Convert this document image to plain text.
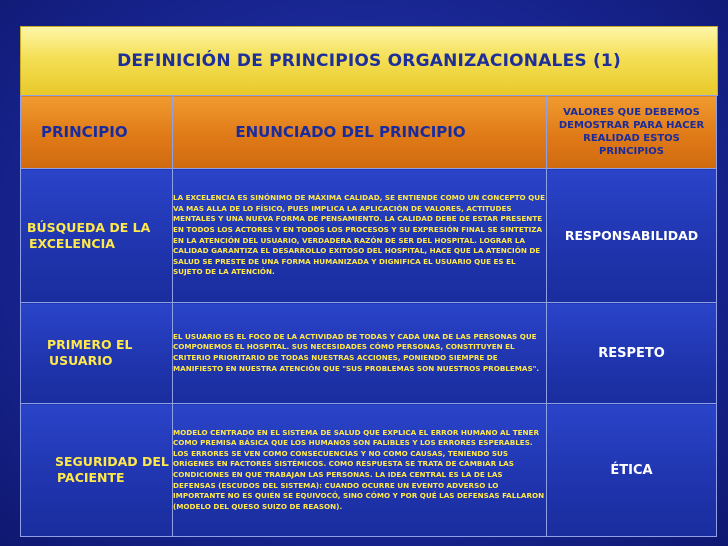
DEFINICIÓN DE PRINCIPIOS ORGANIZACIONALES (1)
PRINCIPIO	ENUNCIADO DEL PRINCIPIO	VALORES QUE DEBEMOS DEMOSTRAR PARA HACER REALIDAD ESTOS PRINCIPIOS

BÚSQUEDA DE LA EXCELENCIA	LA EXCELENCIA ES SINÓNIMO DE MÁXIMA CALIDAD, SE ENTIENDE COMO UN CONCEPTO QUE VA MAS ALLA DE LO FÍSICO, PUES IMPLICA LA APLICACIÓN DE VALORES, ACTITUDES MENTALES Y UNA NUEVA FORMA DE PENSAMIENTO. LA CALIDAD DEBE DE ESTAR PRESENTE EN TODOS LOS ACTORES Y EN TODOS LOS PROCESOS Y SU EXPRESIÓN FINAL SE SINTETIZA EN LA ATENCIÓN DEL USUARIO, VERDADERA RAZÓN DE SER DEL HOSPITAL. LOGRAR LA CALIDAD GARANTIZA EL DESARROLLO EXITOSO DEL HOSPITAL, HACE QUE LA ATENCIÓN DE SALUD SE PRESTE DE UNA FORMA HUMANIZADA Y DIGNIFICA EL USUARIO QUE ES EL SUJETO DE LA ATENCIÓN.	RESPONSABILIDAD

PRIMERO EL USUARIO	EL USUARIO ES EL FOCO DE LA ACTIVIDAD DE TODAS Y CADA UNA DE LAS PERSONAS QUE COMPONEMOS EL HOSPITAL. SUS NECESIDADES CÓMO PERSONAS, CONSTITUYEN EL CRITERIO PRIORITARIO DE TODAS NUESTRAS ACCIONES, PONIENDO SIEMPRE DE MANIFIESTO EN NUESTRA ATENCIÓN QUE "SUS PROBLEMAS SON NUESTROS PROBLEMAS".	RESPETO

SEGURIDAD DEL PACIENTE	MODELO CENTRADO EN EL SISTEMA DE SALUD QUE EXPLICA EL ERROR HUMANO AL TENER COMO PREMISA BÁSICA QUE LOS HUMANOS SON FALIBLES Y LOS ERRORES ESPERABLES. LOS ERRORES SE VEN COMO CONSECUENCIAS Y NO COMO CAUSAS, TENIENDO SUS ORÍGENES EN FACTORES SISTÉMICOS. COMO RESPUESTA SE TRATA DE CAMBIAR LAS CONDICIONES EN QUE TRABAJAN LAS PERSONAS. LA IDEA CENTRAL ES LA DE LAS DEFENSAS (ESCUDOS DEL SISTEMA): CUANDO OCURRE UN EVENTO ADVERSO LO IMPORTANTE NO ES QUIÉN SE EQUIVOCÓ, SINO CÓMO Y POR QUÉ LAS DEFENSAS FALLARON (MODELO DEL QUESO SUIZO DE REASON).	ÉTICA
